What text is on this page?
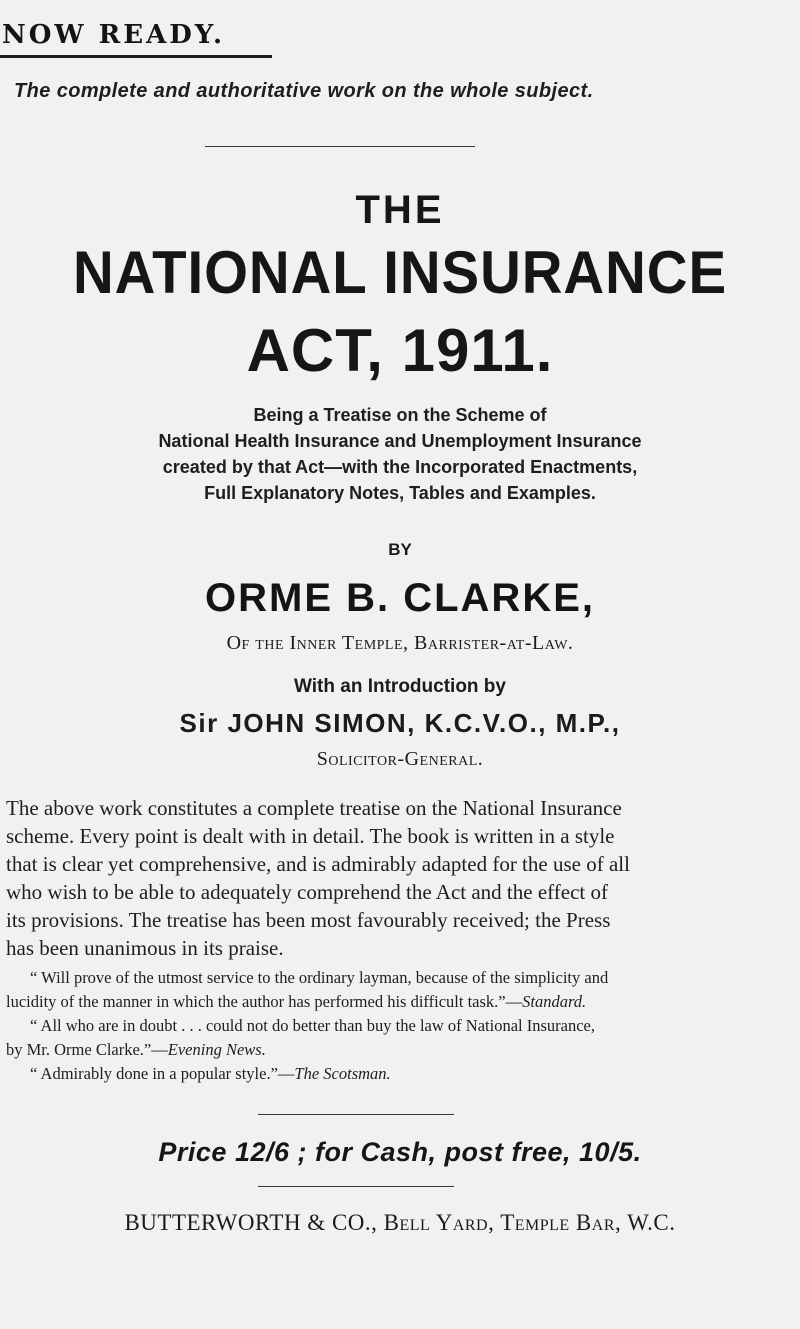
NOW READY.
The complete and authoritative work on the whole subject.
THE
NATIONAL INSURANCE
ACT, 1911.
Being a Treatise on the Scheme of
National Health Insurance and Unemployment Insurance
created by that Act—with the Incorporated Enactments,
Full Explanatory Notes, Tables and Examples.
BY
ORME B. CLARKE,
Of the Inner Temple, Barrister-at-Law.
With an Introduction by
Sir JOHN SIMON, K.C.V.O., M.P.,
Solicitor-General.
The above work constitutes a complete treatise on the National Insurance
scheme. Every point is dealt with in detail. The book is written in a style
that is clear yet comprehensive, and is admirably adapted for the use of all
who wish to be able to adequately comprehend the Act and the effect of
its provisions. The treatise has been most favourably received; the Press
has been unanimous in its praise.
“ Will prove of the utmost service to the ordinary layman, because of the simplicity and
lucidity of the manner in which the author has performed his difficult task.”—Standard.
“ All who are in doubt . . . could not do better than buy the law of National Insurance,
by Mr. Orme Clarke.”—Evening News.
“ Admirably done in a popular style.”—The Scotsman.
Price 12/6 ; for Cash, post free, 10/5.
BUTTERWORTH & CO., Bell Yard, Temple Bar, W.C.
